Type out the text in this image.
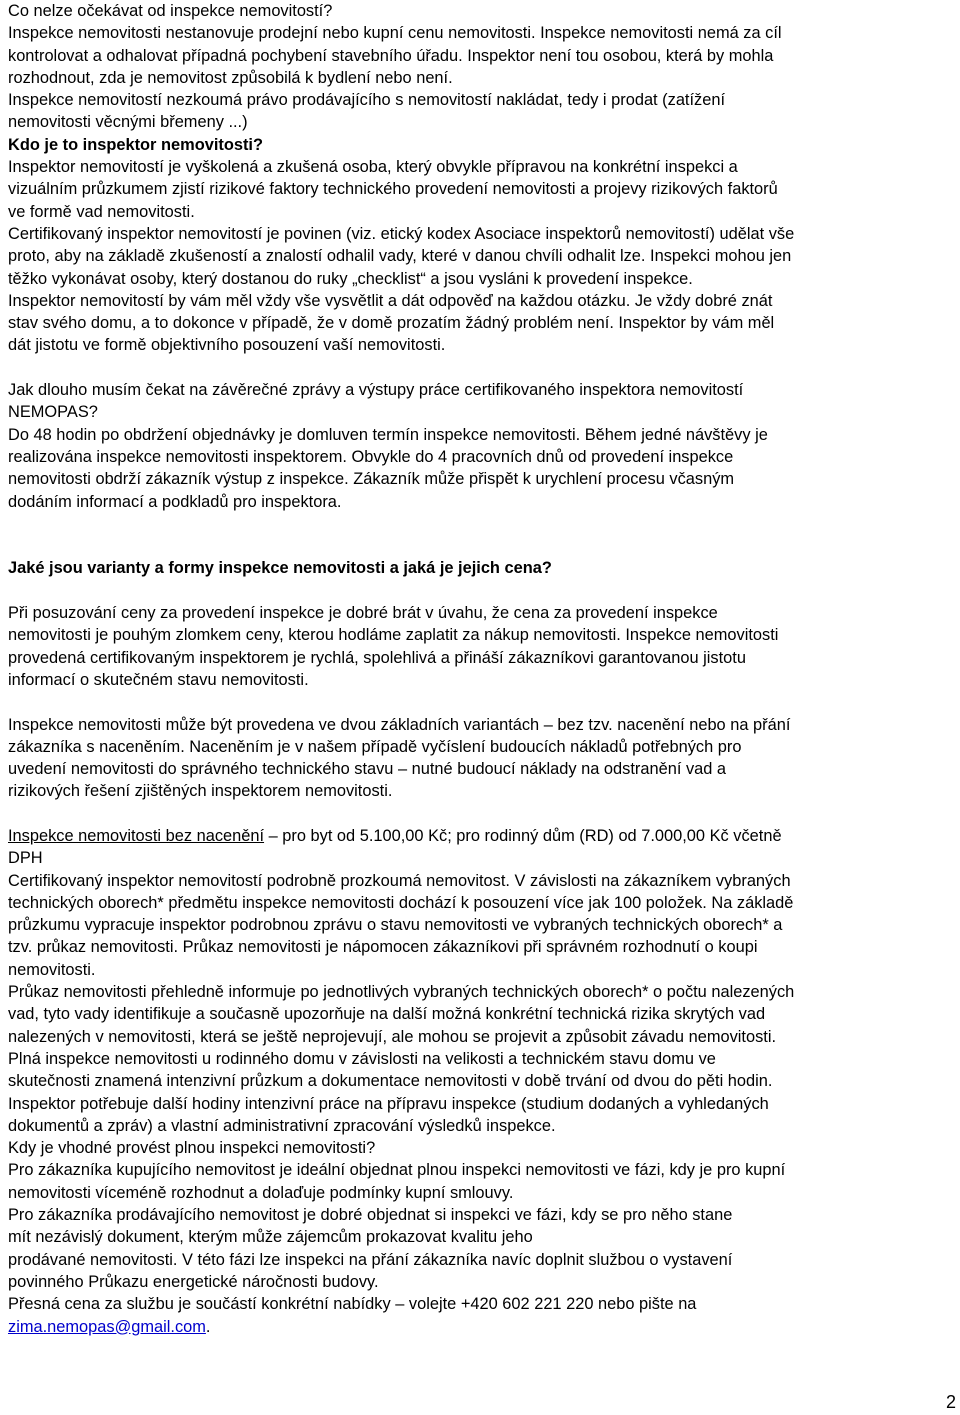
Co nelze očekávat od inspekce nemovitostí?
Inspekce nemovitosti nestanovuje prodejní nebo kupní cenu nemovitosti. Inspekce nemovitosti nemá za cíl
kontrolovat a odhalovat případná pochybení stavebního úřadu. Inspektor není tou osobou, která by mohla
rozhodnout, zda je nemovitost způsobilá k bydlení nebo není.
Inspekce nemovitostí nezkoumá právo prodávajícího s nemovitostí nakládat, tedy i prodat (zatížení
nemovitosti věcnými břemeny ...)
Kdo je to inspektor nemovitosti?
Inspektor nemovitostí je vyškolená a zkušená osoba, který obvykle přípravou na konkrétní inspekci a
vizuálním průzkumem zjistí rizikové faktory technického provedení nemovitosti a projevy rizikových faktorů
ve formě vad nemovitosti.
Certifikovaný inspektor nemovitostí je povinen (viz. etický kodex Asociace inspektorů nemovitostí) udělat vše
proto, aby na základě zkušeností a znalostí odhalil vady, které v danou chvíli odhalit lze. Inspekci mohou jen
těžko vykonávat osoby, který dostanou do ruky „checklist“ a jsou vysláni k provedení inspekce.
Inspektor nemovitostí by vám měl vždy vše vysvětlit a dát odpověď na každou otázku. Je vždy dobré znát
stav svého domu, a to dokonce v případě, že v domě prozatím žádný problém není. Inspektor by vám měl
dát jistotu ve formě objektivního posouzení vaší nemovitosti.
Jak dlouho musím čekat na závěrečné zprávy a výstupy práce certifikovaného inspektora nemovitostí
NEMOPAS?
Do 48 hodin po obdržení objednávky je domluven termín inspekce nemovitosti. Během jedné návštěvy je
realizována inspekce nemovitosti inspektorem. Obvykle do 4 pracovních dnů od provedení inspekce
nemovitosti obdrží zákazník výstup z inspekce. Zákazník může přispět k urychlení procesu včasným
dodáním informací a podkladů pro inspektora.
Jaké jsou varianty a formy inspekce nemovitosti a jaká je jejich cena?
Při posuzování ceny za provedení inspekce je dobré brát v úvahu, že cena za provedení inspekce
nemovitosti je pouhým zlomkem ceny, kterou hodláme zaplatit za nákup nemovitosti. Inspekce nemovitosti
provedená certifikovaným inspektorem je rychlá, spolehlivá a přináší zákazníkovi garantovanou jistotu
informací o skutečném stavu nemovitosti.
Inspekce nemovitosti může být provedena ve dvou základních variantách – bez tzv. nacenění nebo na přání
zákazníka s naceněním. Naceněním je v našem případě vyčíslení budoucích nákladů potřebných pro
uvedení nemovitosti do správného technického stavu – nutné budoucí náklady na odstranění vad a
rizikových řešení zjištěných inspektorem nemovitosti.
Inspekce nemovitosti bez nacenění – pro byt od 5.100,00 Kč; pro rodinný dům (RD) od 7.000,00 Kč včetně
DPH
Certifikovaný inspektor nemovitostí podrobně prozkoumá nemovitost. V závislosti na zákazníkem vybraných
technických oborech* předmětu inspekce nemovitosti dochází k posouzení více jak 100 položek. Na základě
průzkumu vypracuje inspektor podrobnou zprávu o stavu nemovitosti ve vybraných technických oborech* a
tzv. průkaz nemovitosti. Průkaz nemovitosti je nápomocen zákazníkovi při správném rozhodnutí o koupi
nemovitosti.
Průkaz nemovitosti přehledně informuje po jednotlivých vybraných technických oborech* o počtu nalezených
vad, tyto vady identifikuje a současně upozorňuje na další možná konkrétní technická rizika skrytých vad
nalezených v nemovitosti, která se ještě neprojevují, ale mohou se projevit a způsobit závadu nemovitosti.
Plná inspekce nemovitosti u rodinného domu v závislosti na velikosti a technickém stavu domu ve
skutečnosti znamená intenzivní průzkum a dokumentace nemovitosti v době trvání od dvou do pěti hodin.
Inspektor potřebuje další hodiny intenzivní práce na přípravu inspekce (studium dodaných a vyhledaných
dokumentů a zpráv) a vlastní administrativní zpracování výsledků inspekce.
Kdy je vhodné provést plnou inspekci nemovitosti?
Pro zákazníka kupujícího nemovitost je ideální objednat plnou inspekci nemovitosti ve fázi, kdy je pro kupní
nemovitosti víceméně rozhodnut a dolaďuje podmínky kupní smlouvy.
Pro zákazníka prodávajícího nemovitost je dobré objednat si inspekci ve fázi, kdy se pro něho stane
mít nezávislý dokument, kterým může zájemcům prokazovat kvalitu jeho
prodávané nemovitosti. V této fázi lze inspekci na přání zákazníka navíc doplnit službou o vystavení
povinného Průkazu energetické náročnosti budovy.
Přesná cena za službu je součástí konkrétní nabídky – volejte +420 602 221 220 nebo pište na
zima.nemopas@gmail.com.
2
